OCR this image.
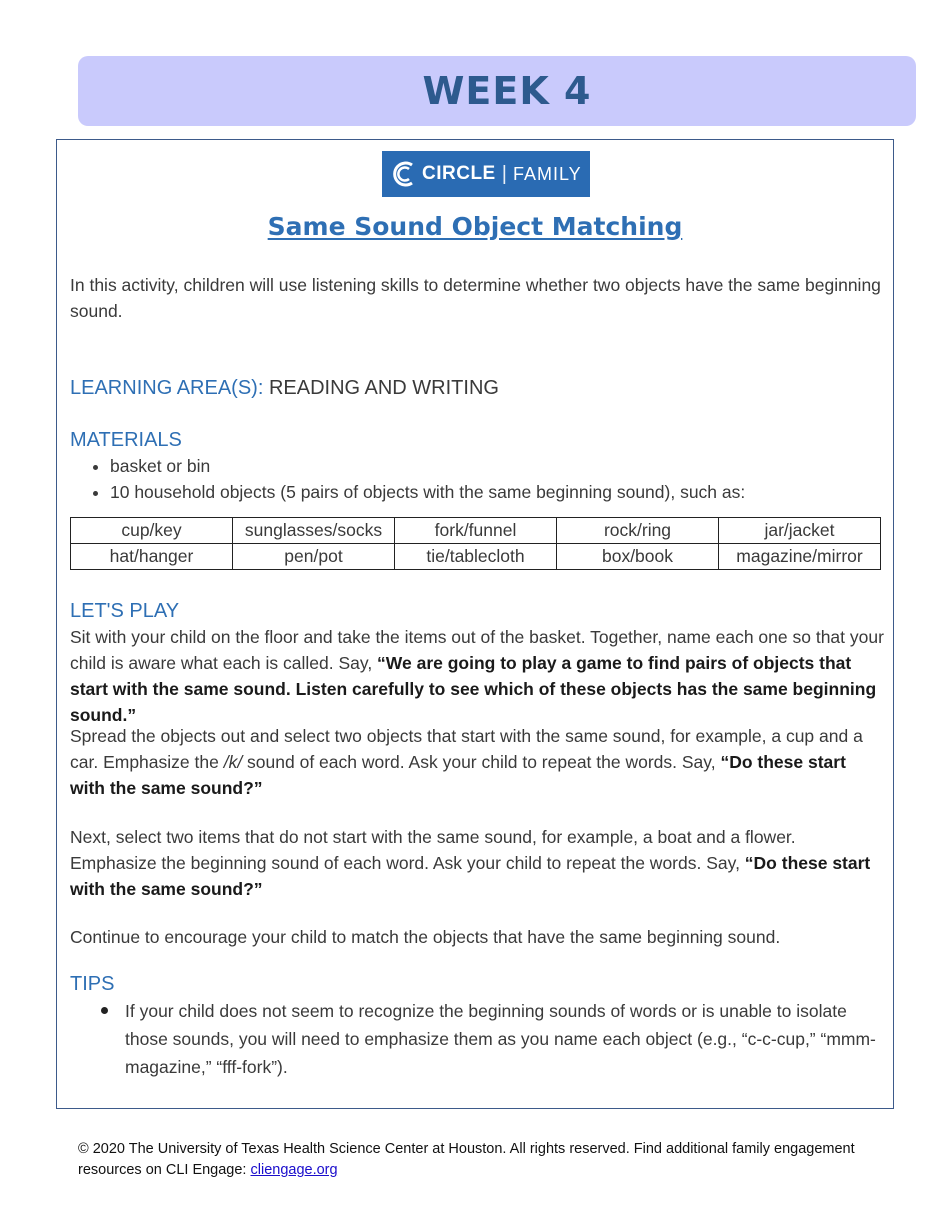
WEEK 4
CIRCLE | FAMILY
Same Sound Object Matching

In this activity, children will use listening skills to determine whether two objects have the same beginning sound.

LEARNING AREA(S): READING AND WRITING

MATERIALS

• basket or bin
• 10 household objects (5 pairs of objects with the same beginning sound), such as:
cup/key	sunglasses/socks	fork/funnel	rock/ring	jar/jacket
hat/hanger	pen/pot	tie/tablecloth	box/book	magazine/mirror

LET'S PLAY

Sit with your child on the floor and take the items out of the basket. Together, name each one so that your child is aware what each is called. Say, “We are going to play a game to find pairs of objects that start with the same sound. Listen carefully to see which of these objects has the same beginning sound.”

Spread the objects out and select two objects that start with the same sound, for example, a cup and a car. Emphasize the /k/ sound of each word. Ask your child to repeat the words. Say, “Do these start with the same sound?”

Next, select two items that do not start with the same sound, for example, a boat and a flower. Emphasize the beginning sound of each word. Ask your child to repeat the words. Say, “Do these start with the same sound?”

Continue to encourage your child to match the objects that have the same beginning sound.

TIPS

If your child does not seem to recognize the beginning sounds of words or is unable to isolate those sounds, you will need to emphasize them as you name each object (e.g., “c-c-cup,” “mmm-magazine,” “fff-fork”).
© 2020 The University of Texas Health Science Center at Houston. All rights reserved. Find additional family engagement resources on CLI Engage: cliengage.org
